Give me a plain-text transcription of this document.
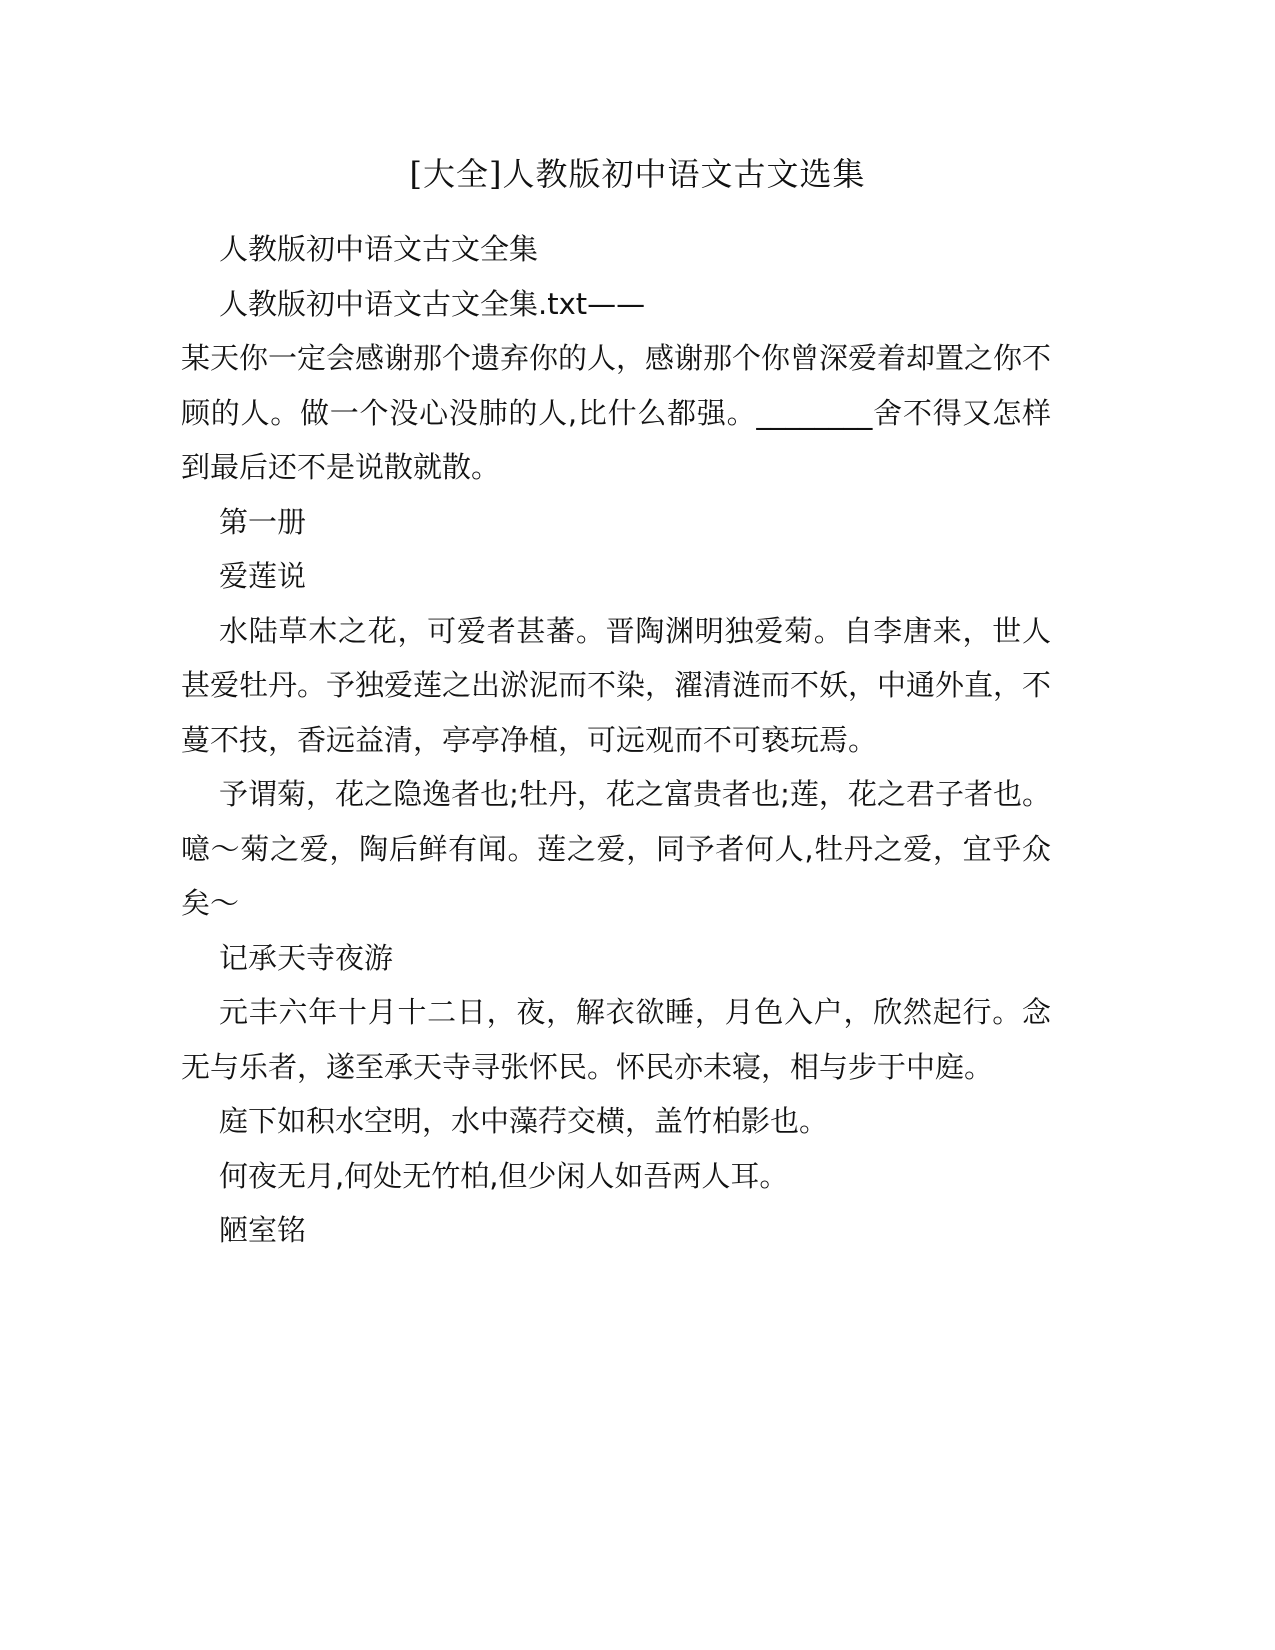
[大全]人教版初中语文古文选集

人教版初中语文古文全集

人教版初中语文古文全集.txt——

某天你一定会感谢那个遗弃你的人，感谢那个你曾深爱着却置之你不顾的人。做一个没心没肺的人,比什么都强。________舍不得又怎样到最后还不是说散就散。

第一册

爱莲说

水陆草木之花，可爱者甚蕃。晋陶渊明独爱菊。自李唐来，世人甚爱牡丹。予独爱莲之出淤泥而不染，濯清涟而不妖，中通外直，不蔓不技，香远益清，亭亭净植，可远观而不可亵玩焉。

予谓菊，花之隐逸者也;牡丹，花之富贵者也;莲，花之君子者也。噫～菊之爱，陶后鲜有闻。莲之爱，同予者何人,牡丹之爱，宜乎众矣～

记承天寺夜游

元丰六年十月十二日，夜，解衣欲睡，月色入户，欣然起行。念无与乐者，遂至承天寺寻张怀民。怀民亦未寝，相与步于中庭。

庭下如积水空明，水中藻荇交横，盖竹柏影也。

何夜无月,何处无竹柏,但少闲人如吾两人耳。

陋室铭
